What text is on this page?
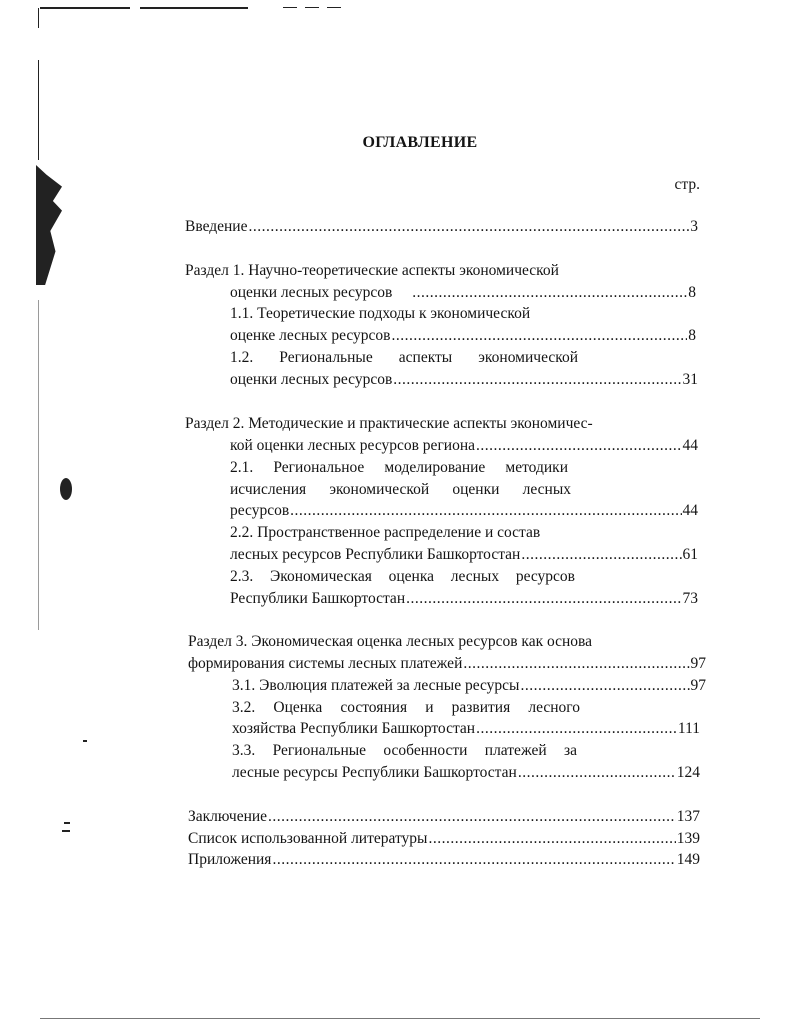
ОГЛАВЛЕНИЕ
стр.
Введение .....	3
Раздел 1. Научно-теоретические аспекты экономической
оценки лесных ресурсов .....	8
1.1. Теоретические подходы к экономической
оценке лесных ресурсов .....	8
1.2. Региональные аспекты экономической
оценки лесных ресурсов .....	31
Раздел 2. Методические и практические аспекты экономичес-
кой оценки лесных ресурсов региона .....	44
2.1. Региональное моделирование методики
исчисления экономической оценки лесных
ресурсов .....	44
2.2. Пространственное распределение и состав
лесных ресурсов Республики Башкортостан .....	61
2.3. Экономическая оценка лесных ресурсов
Республики Башкортостан .....	73
Раздел 3. Экономическая оценка лесных ресурсов как основа
формирования системы лесных платежей .....	97
3.1. Эволюция платежей за лесные ресурсы .....	97
3.2. Оценка состояния и развития лесного
хозяйства Республики Башкортостан .....	111
3.3. Региональные особенности платежей за
лесные ресурсы Республики Башкортостан .....	124
Заключение .....	137
Список использованной литературы .....	139
Приложения .....	149
